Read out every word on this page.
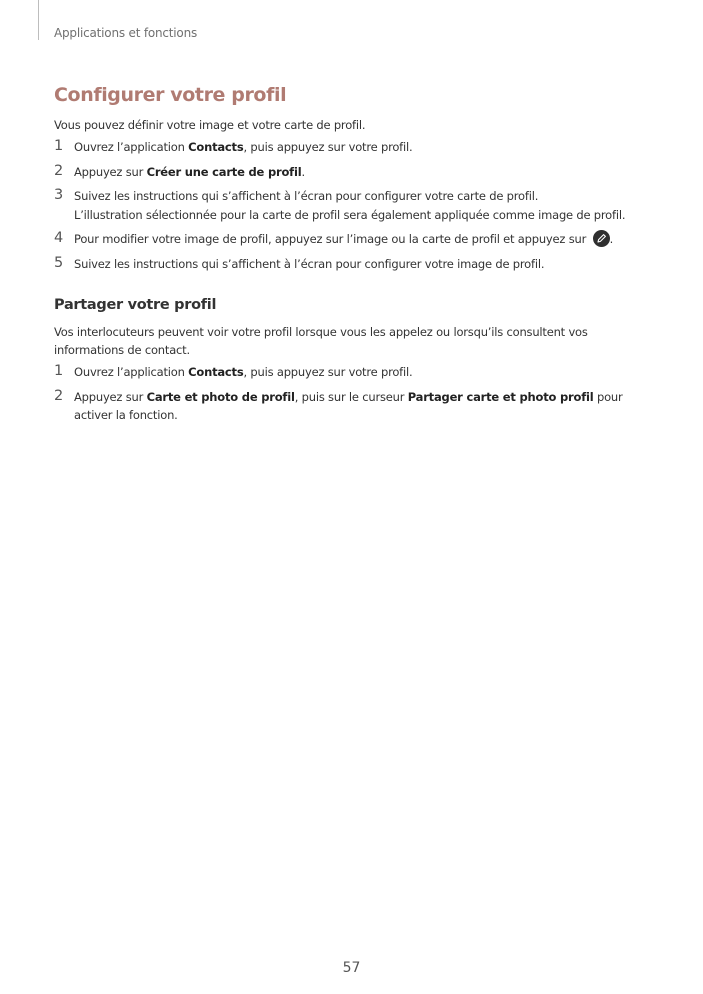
Applications et fonctions
Configurer votre profil
Vous pouvez définir votre image et votre carte de profil.
1 Ouvrez l’application Contacts, puis appuyez sur votre profil.
2 Appuyez sur Créer une carte de profil.
3 Suivez les instructions qui s’affichent à l’écran pour configurer votre carte de profil.
L’illustration sélectionnée pour la carte de profil sera également appliquée comme image de profil.
4 Pour modifier votre image de profil, appuyez sur l’image ou la carte de profil et appuyez sur
.
5 Suivez les instructions qui s’affichent à l’écran pour configurer votre image de profil.
Partager votre profil
Vos interlocuteurs peuvent voir votre profil lorsque vous les appelez ou lorsqu’ils consultent vos informations de contact.
1 Ouvrez l’application Contacts, puis appuyez sur votre profil.
2 Appuyez sur Carte et photo de profil, puis sur le curseur Partager carte et photo profil pour activer la fonction.
57
